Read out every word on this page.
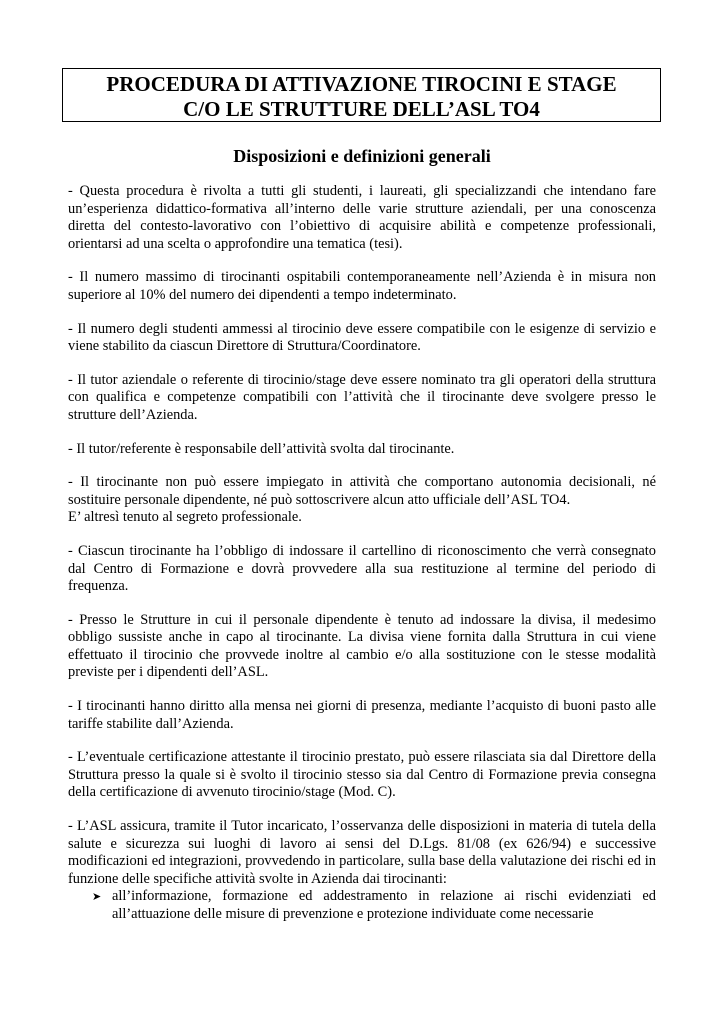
PROCEDURA DI ATTIVAZIONE TIROCINI E STAGE
C/O LE STRUTTURE DELL’ASL TO4
Disposizioni e definizioni generali

- Questa procedura è rivolta a tutti gli studenti, i laureati, gli specializzandi che intendano fare un’esperienza didattico-formativa all’interno delle varie strutture aziendali, per una conoscenza diretta del contesto-lavorativo con l’obiettivo di acquisire abilità e competenze professionali, orientarsi ad una scelta o approfondire una tematica (tesi).

- Il numero massimo di tirocinanti ospitabili contemporaneamente nell’Azienda è in misura non superiore al 10% del numero dei dipendenti a tempo indeterminato.

- Il numero degli studenti ammessi al tirocinio deve essere compatibile con le esigenze di servizio e viene stabilito da ciascun Direttore di Struttura/Coordinatore.

- Il tutor aziendale o referente di tirocinio/stage deve essere nominato tra gli operatori della struttura con qualifica e competenze compatibili con l’attività che il tirocinante deve svolgere presso le strutture dell’Azienda.

- Il tutor/referente è responsabile dell’attività svolta dal tirocinante.

- Il tirocinante non può essere impiegato in attività che comportano autonomia decisionali, né sostituire personale dipendente, né può sottoscrivere alcun atto ufficiale dell’ASL TO4.
E’ altresì tenuto al segreto professionale.

- Ciascun tirocinante ha l’obbligo di indossare il cartellino di riconoscimento che verrà consegnato dal Centro di Formazione e dovrà provvedere alla sua restituzione al termine del periodo di frequenza.

- Presso le Strutture in cui il personale dipendente è tenuto ad indossare la divisa, il medesimo obbligo sussiste anche in capo al tirocinante. La divisa viene fornita dalla Struttura in cui viene effettuato il tirocinio che provvede inoltre al cambio e/o alla sostituzione con le stesse modalità previste per i dipendenti dell’ASL.

- I tirocinanti hanno diritto alla mensa nei giorni di presenza, mediante l’acquisto di buoni pasto alle tariffe stabilite dall’Azienda.

- L’eventuale certificazione attestante il tirocinio prestato, può essere rilasciata sia dal Direttore della Struttura presso la quale si è svolto il tirocinio stesso sia dal Centro di Formazione previa consegna della certificazione di avvenuto tirocinio/stage (Mod. C).

- L’ASL assicura, tramite il Tutor incaricato, l’osservanza delle disposizioni in materia di tutela della salute e sicurezza sui luoghi di lavoro ai sensi del D.Lgs. 81/08 (ex 626/94) e successive modificazioni ed integrazioni, provvedendo in particolare, sulla base della valutazione dei rischi ed in funzione delle specifiche attività svolte in Azienda dai tirocinanti:

➤ all’informazione, formazione ed addestramento in relazione ai rischi evidenziati ed all’attuazione delle misure di prevenzione e protezione individuate come necessarie
